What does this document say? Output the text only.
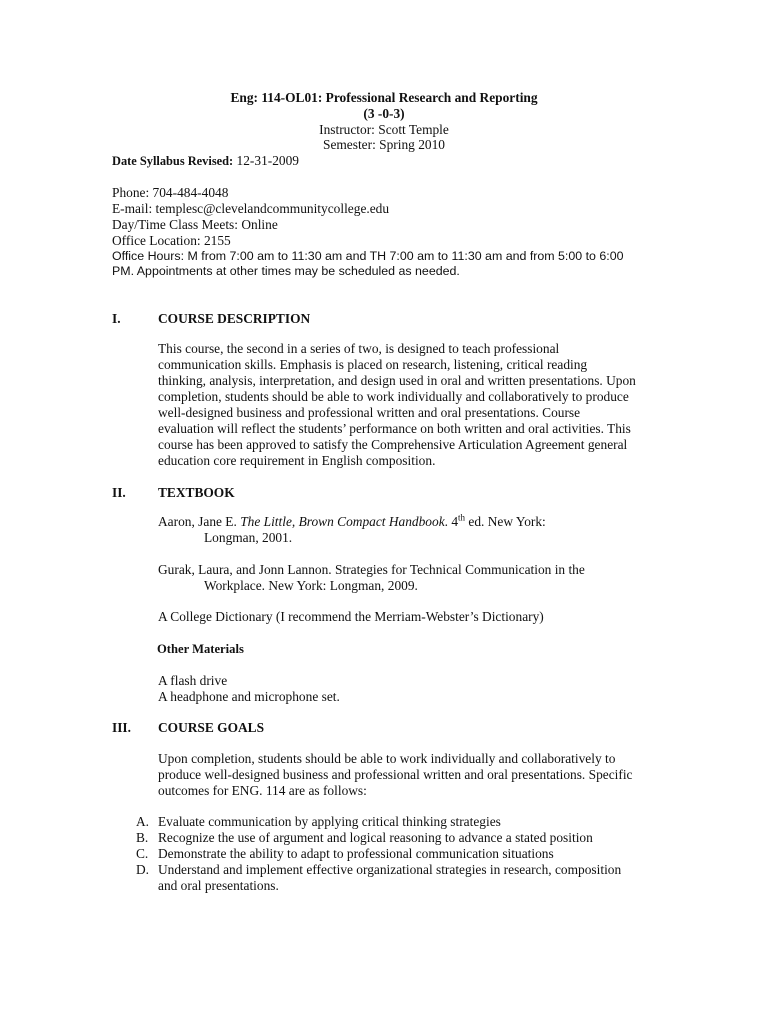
Eng: 114-OL01: Professional Research and Reporting
(3 -0-3)
Instructor: Scott Temple
Semester: Spring 2010
Date Syllabus Revised: 12-31-2009
Phone: 704-484-4048
E-mail: templesc@clevelandcommunitycollege.edu
Day/Time Class Meets: Online
Office Location: 2155
Office Hours: M from 7:00 am to 11:30 am and TH 7:00 am to 11:30 am and from 5:00 to 6:00
PM. Appointments at other times may be scheduled as needed.
I.	COURSE DESCRIPTION
This course, the second in a series of two, is designed to teach professional
communication skills. Emphasis is placed on research, listening, critical reading
thinking, analysis, interpretation, and design used in oral and written presentations. Upon
completion, students should be able to work individually and collaboratively to produce
well-designed business and professional written and oral presentations. Course
evaluation will reflect the students’ performance on both written and oral activities. This
course has been approved to satisfy the Comprehensive Articulation Agreement general
education core requirement in English composition.
II. TEXTBOOK
Aaron, Jane E. The Little, Brown Compact Handbook. 4th ed. New York:
Longman, 2001.
Gurak, Laura, and Jonn Lannon. Strategies for Technical Communication in the
Workplace. New York: Longman, 2009.
A College Dictionary (I recommend the Merriam-Webster’s Dictionary)
Other Materials
A flash drive
A headphone and microphone set.
III. COURSE GOALS
Upon completion, students should be able to work individually and collaboratively to
produce well-designed business and professional written and oral presentations. Specific
outcomes for ENG. 114 are as follows:
A. Evaluate communication by applying critical thinking strategies
B. Recognize the use of argument and logical reasoning to advance a stated position
C. Demonstrate the ability to adapt to professional communication situations
D. Understand and implement effective organizational strategies in research, composition
and oral presentations.
